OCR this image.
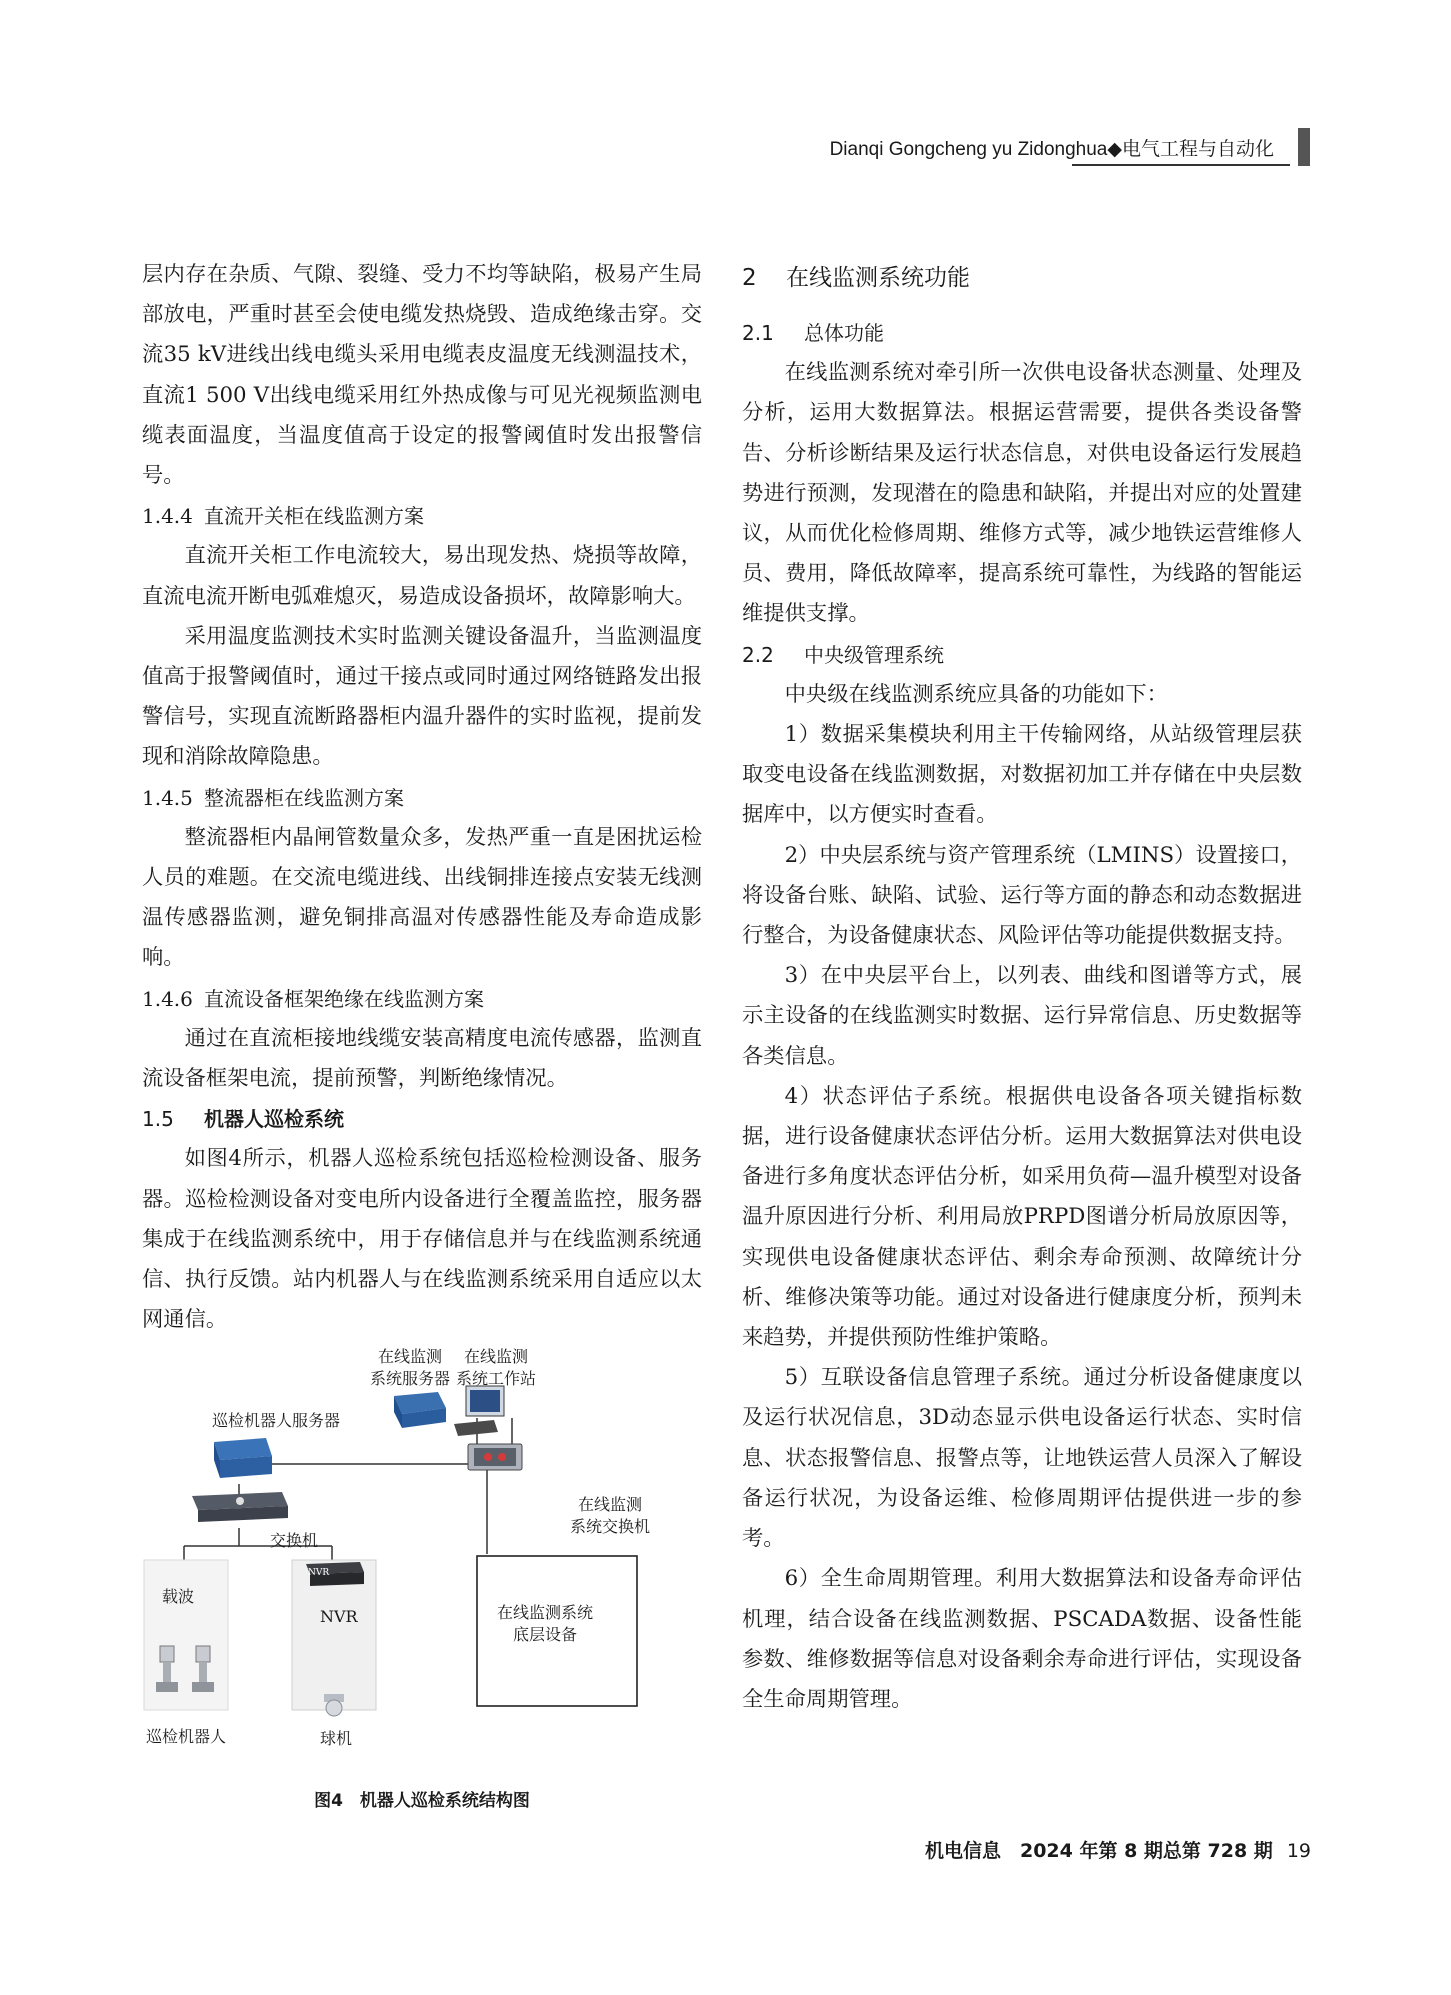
Dianqi Gongcheng yu Zidonghua◆电气工程与自动化

层内存在杂质、气隙、裂缝、受力不均等缺陷，极易产生局部放电，严重时甚至会使电缆发热烧毁、造成绝缘击穿。交流35 kV进线出线电缆头采用电缆表皮温度无线测温技术，直流1 500 V出线电缆采用红外热成像与可见光视频监测电缆表面温度，当温度值高于设定的报警阈值时发出报警信号。

1.4.4 直流开关柜在线监测方案

直流开关柜工作电流较大，易出现发热、烧损等故障，直流电流开断电弧难熄灭，易造成设备损坏，故障影响大。

采用温度监测技术实时监测关键设备温升，当监测温度值高于报警阈值时，通过干接点或同时通过网络链路发出报警信号，实现直流断路器柜内温升器件的实时监视，提前发现和消除故障隐患。

1.4.5 整流器柜在线监测方案

整流器柜内晶闸管数量众多，发热严重一直是困扰运检人员的难题。在交流电缆进线、出线铜排连接点安装无线测温传感器监测，避免铜排高温对传感器性能及寿命造成影响。

1.4.6 直流设备框架绝缘在线监测方案

通过在直流柜接地线缆安装高精度电流传感器，监测直流设备框架电流，提前预警，判断绝缘情况。

1.5 机器人巡检系统

如图4所示，机器人巡检系统包括巡检检测设备、服务器。巡检检测设备对变电所内设备进行全覆盖监控，服务器集成于在线监测系统中，用于存储信息并与在线监测系统通信、执行反馈。站内机器人与在线监测系统采用自适应以太网通信。

在线监测
系统服务器
在线监测
系统工作站
巡检机器人服务器
在线监测
系统交换机
交换机
载波
NVR	在线监测系统
底层设备
NVR
巡检机器人	球机
图4　机器人巡检系统结构图

2 在线监测系统功能

2.1 总体功能

在线监测系统对牵引所一次供电设备状态测量、处理及分析，运用大数据算法。根据运营需要，提供各类设备警告、分析诊断结果及运行状态信息，对供电设备运行发展趋势进行预测，发现潜在的隐患和缺陷，并提出对应的处置建议，从而优化检修周期、维修方式等，减少地铁运营维修人员、费用，降低故障率，提高系统可靠性，为线路的智能运维提供支撑。

2.2 中央级管理系统

中央级在线监测系统应具备的功能如下：

1）数据采集模块利用主干传输网络，从站级管理层获取变电设备在线监测数据，对数据初加工并存储在中央层数据库中，以方便实时查看。

2）中央层系统与资产管理系统（LMINS）设置接口，将设备台账、缺陷、试验、运行等方面的静态和动态数据进行整合，为设备健康状态、风险评估等功能提供数据支持。

3）在中央层平台上，以列表、曲线和图谱等方式，展示主设备的在线监测实时数据、运行异常信息、历史数据等各类信息。

4）状态评估子系统。根据供电设备各项关键指标数据，进行设备健康状态评估分析。运用大数据算法对供电设备进行多角度状态评估分析，如采用负荷—温升模型对设备温升原因进行分析、利用局放PRPD图谱分析局放原因等，实现供电设备健康状态评估、剩余寿命预测、故障统计分析、维修决策等功能。通过对设备进行健康度分析，预判未来趋势，并提供预防性维护策略。

5）互联设备信息管理子系统。通过分析设备健康度以及运行状况信息，3D动态显示供电设备运行状态、实时信息、状态报警信息、报警点等，让地铁运营人员深入了解设备运行状况，为设备运维、检修周期评估提供进一步的参考。

6）全生命周期管理。利用大数据算法和设备寿命评估机理，结合设备在线监测数据、PSCADA数据、设备性能参数、维修数据等信息对设备剩余寿命进行评估，实现设备全生命周期管理。

机电信息　2024 年第 8 期总第 728 期 19
